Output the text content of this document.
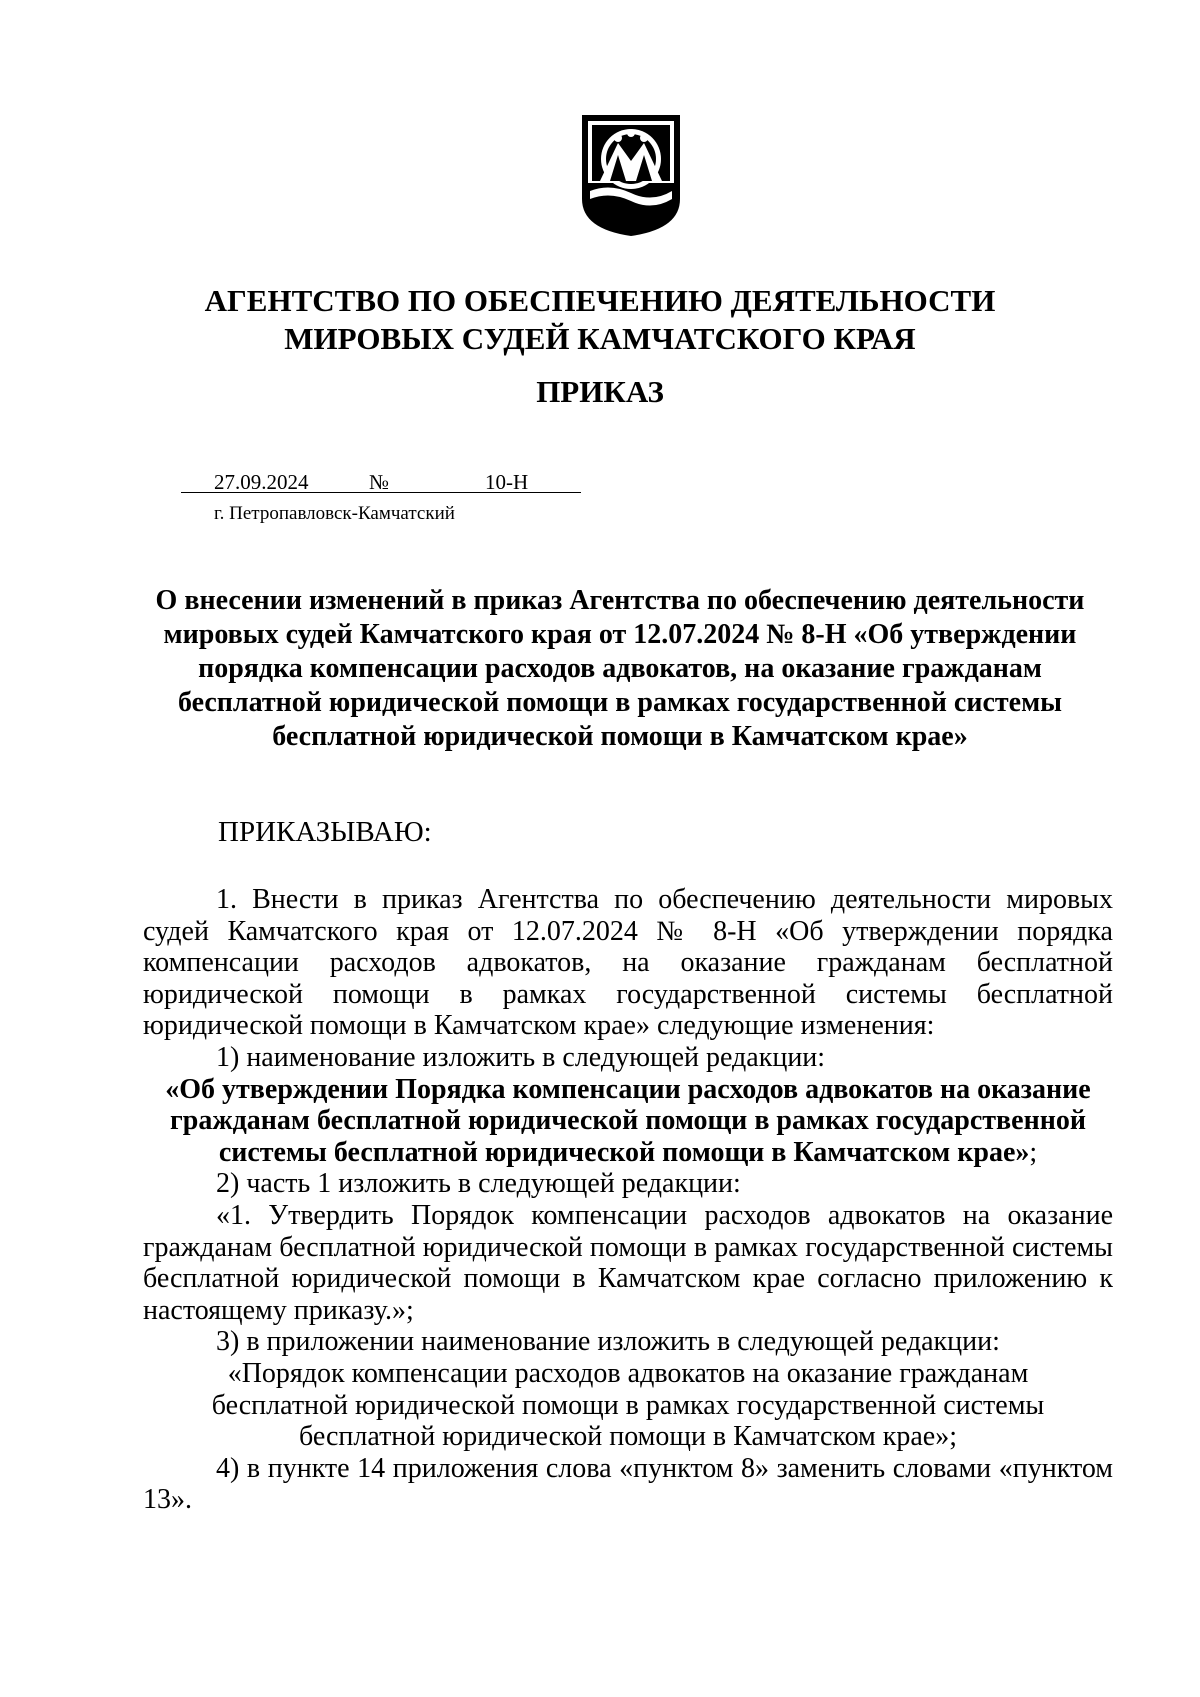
АГЕНТСТВО ПО ОБЕСПЕЧЕНИЮ ДЕЯТЕЛЬНОСТИ
МИРОВЫХ СУДЕЙ КАМЧАТСКОГО КРАЯ
ПРИКАЗ
27.09.2024	№	10-Н
г. Петропавловск-Камчатский
О внесении изменений в приказ Агентства по обеспечению деятельности
мировых судей Камчатского края от 12.07.2024 № 8-Н «Об утверждении
порядка компенсации расходов адвокатов, на оказание гражданам
бесплатной юридической помощи в рамках государственной системы
бесплатной юридической помощи в Камчатском крае»

ПРИКАЗЫВАЮ:

1. Внести в приказ Агентства по обеспечению деятельности мировых судей Камчатского края от 12.07.2024 № 8-Н «Об утверждении порядка компенсации расходов адвокатов, на оказание гражданам бесплатной юридической помощи в рамках государственной системы бесплатной юридической помощи в Камчатском крае» следующие изменения:

1) наименование изложить в следующей редакции:

«Об утверждении Порядка компенсации расходов адвокатов на оказание гражданам бесплатной юридической помощи в рамках государственной системы бесплатной юридической помощи в Камчатском крае»;

2) часть 1 изложить в следующей редакции:

«1. Утвердить Порядок компенсации расходов адвокатов на оказание гражданам бесплатной юридической помощи в рамках государственной системы бесплатной юридической помощи в Камчатском крае согласно приложению к настоящему приказу.»;

3) в приложении наименование изложить в следующей редакции:

«Порядок компенсации расходов адвокатов на оказание гражданам
бесплатной юридической помощи в рамках государственной системы
бесплатной юридической помощи в Камчатском крае»;

4) в пункте 14 приложения слова «пунктом 8» заменить словами «пунктом 13».
